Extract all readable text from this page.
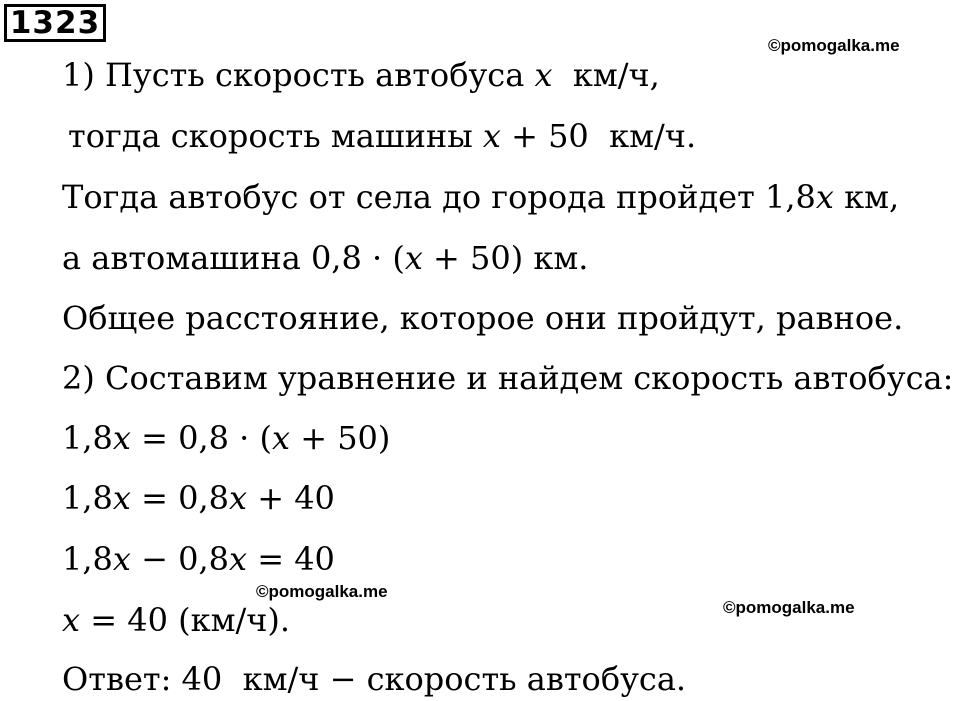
1323
©pomogalka.me
©pomogalka.me
©pomogalka.me
1) Пусть скорость автобуса 𝑥  км/ч,
тогда скорость машины 𝑥 + 50  км/ч.
Тогда автобус от села до города пройдет 1,8𝑥 км,
а автомашина 0,8 · (𝑥 + 50) км.
Общее расстояние, которое они пройдут, равное.
2) Составим уравнение и найдем скорость автобуса:
1,8𝑥 = 0,8 · (𝑥 + 50)
1,8𝑥 = 0,8𝑥 + 40
1,8𝑥 − 0,8𝑥 = 40
𝑥 = 40 (км/ч).
Ответ: 40  км/ч − скорость автобуса.
